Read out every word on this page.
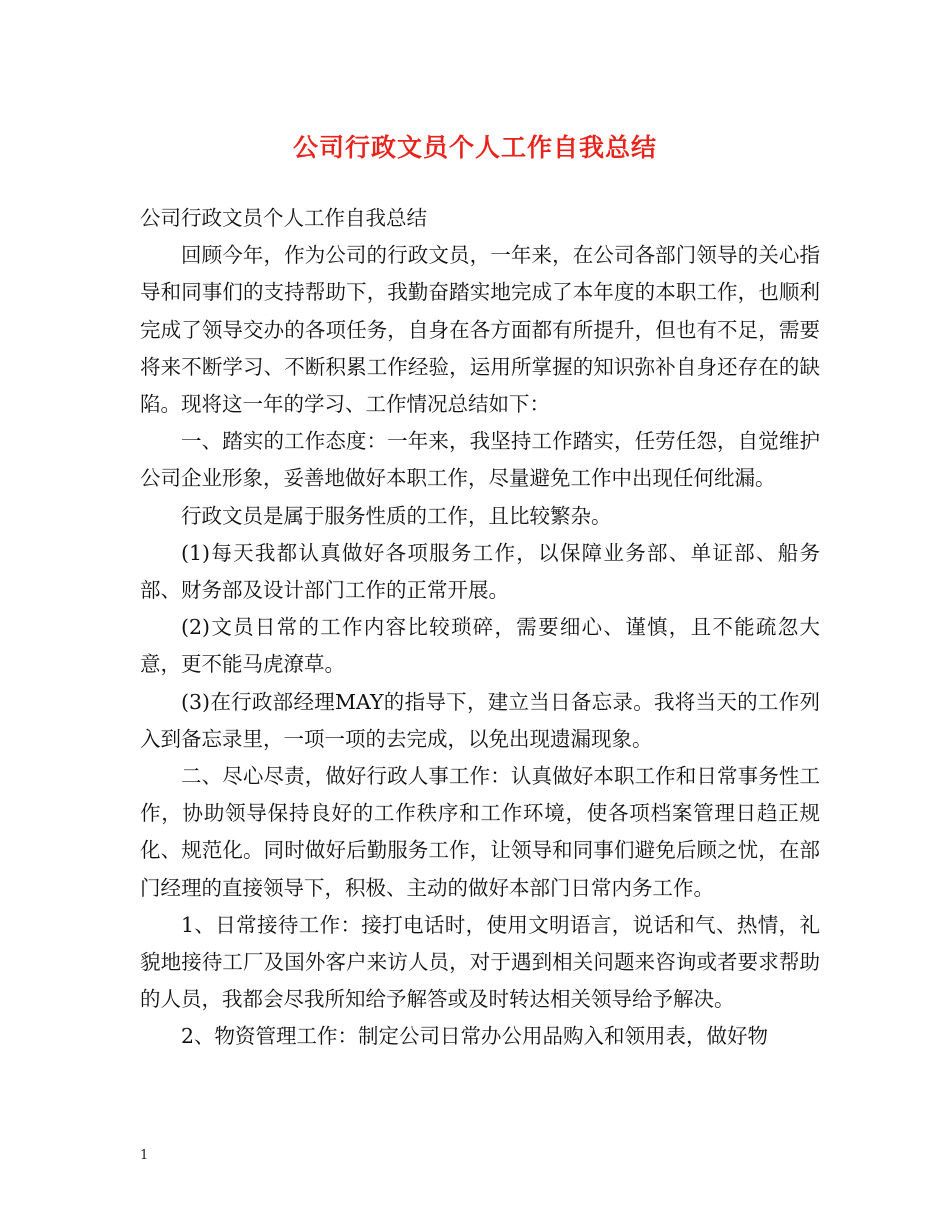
公司行政文员个人工作自我总结

公司行政文员个人工作自我总结

回顾今年，作为公司的行政文员，一年来，在公司各部门领导的关心指导和同事们的支持帮助下，我勤奋踏实地完成了本年度的本职工作，也顺利完成了领导交办的各项任务，自身在各方面都有所提升，但也有不足，需要将来不断学习、不断积累工作经验，运用所掌握的知识弥补自身还存在的缺陷。现将这一年的学习、工作情况总结如下：

一、踏实的工作态度：一年来，我坚持工作踏实，任劳任怨，自觉维护公司企业形象，妥善地做好本职工作，尽量避免工作中出现任何纰漏。

行政文员是属于服务性质的工作，且比较繁杂。

(1)每天我都认真做好各项服务工作，以保障业务部、单证部、船务部、财务部及设计部门工作的正常开展。

(2)文员日常的工作内容比较琐碎，需要细心、谨慎，且不能疏忽大意，更不能马虎潦草。

(3)在行政部经理MAY的指导下，建立当日备忘录。我将当天的工作列入到备忘录里，一项一项的去完成，以免出现遗漏现象。

二、尽心尽责，做好行政人事工作：认真做好本职工作和日常事务性工作，协助领导保持良好的工作秩序和工作环境，使各项档案管理日趋正规化、规范化。同时做好后勤服务工作，让领导和同事们避免后顾之忧，在部门经理的直接领导下，积极、主动的做好本部门日常内务工作。

1、日常接待工作：接打电话时，使用文明语言，说话和气、热情，礼貌地接待工厂及国外客户来访人员，对于遇到相关问题来咨询或者要求帮助的人员，我都会尽我所知给予解答或及时转达相关领导给予解决。

2、物资管理工作：制定公司日常办公用品购入和领用表，做好物

1
